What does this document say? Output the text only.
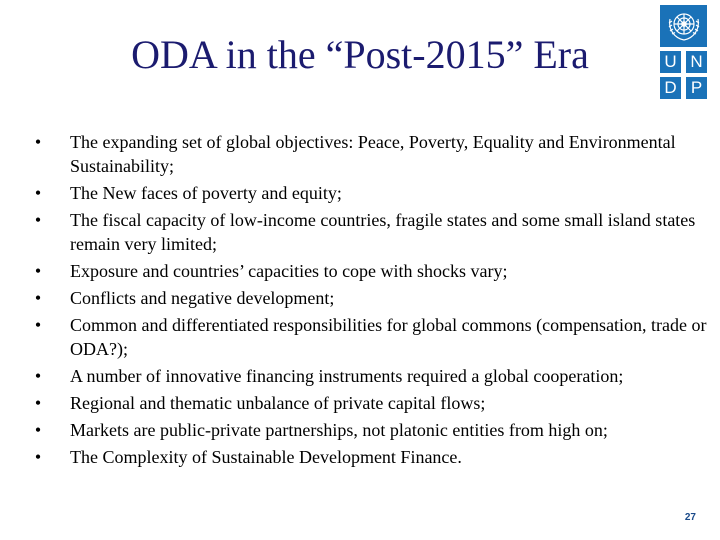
ODA in the “Post-2015” Era	U N
D P
•	The expanding set of global objectives: Peace, Poverty, Equality and Environmental Sustainability;
•	The New faces of poverty and equity;
•	The fiscal capacity of low-income countries, fragile states and some small island states remain very limited;
•	Exposure and countries’ capacities to cope with shocks vary;
•	Conflicts and negative development;
•	Common and differentiated responsibilities for global commons (compensation, trade or ODA?);
•	A number of innovative financing instruments required a global cooperation;
•	Regional and thematic unbalance of private capital flows;
•	Markets are public-private partnerships, not platonic entities from high on;
•	The Complexity of Sustainable Development Finance.
27
